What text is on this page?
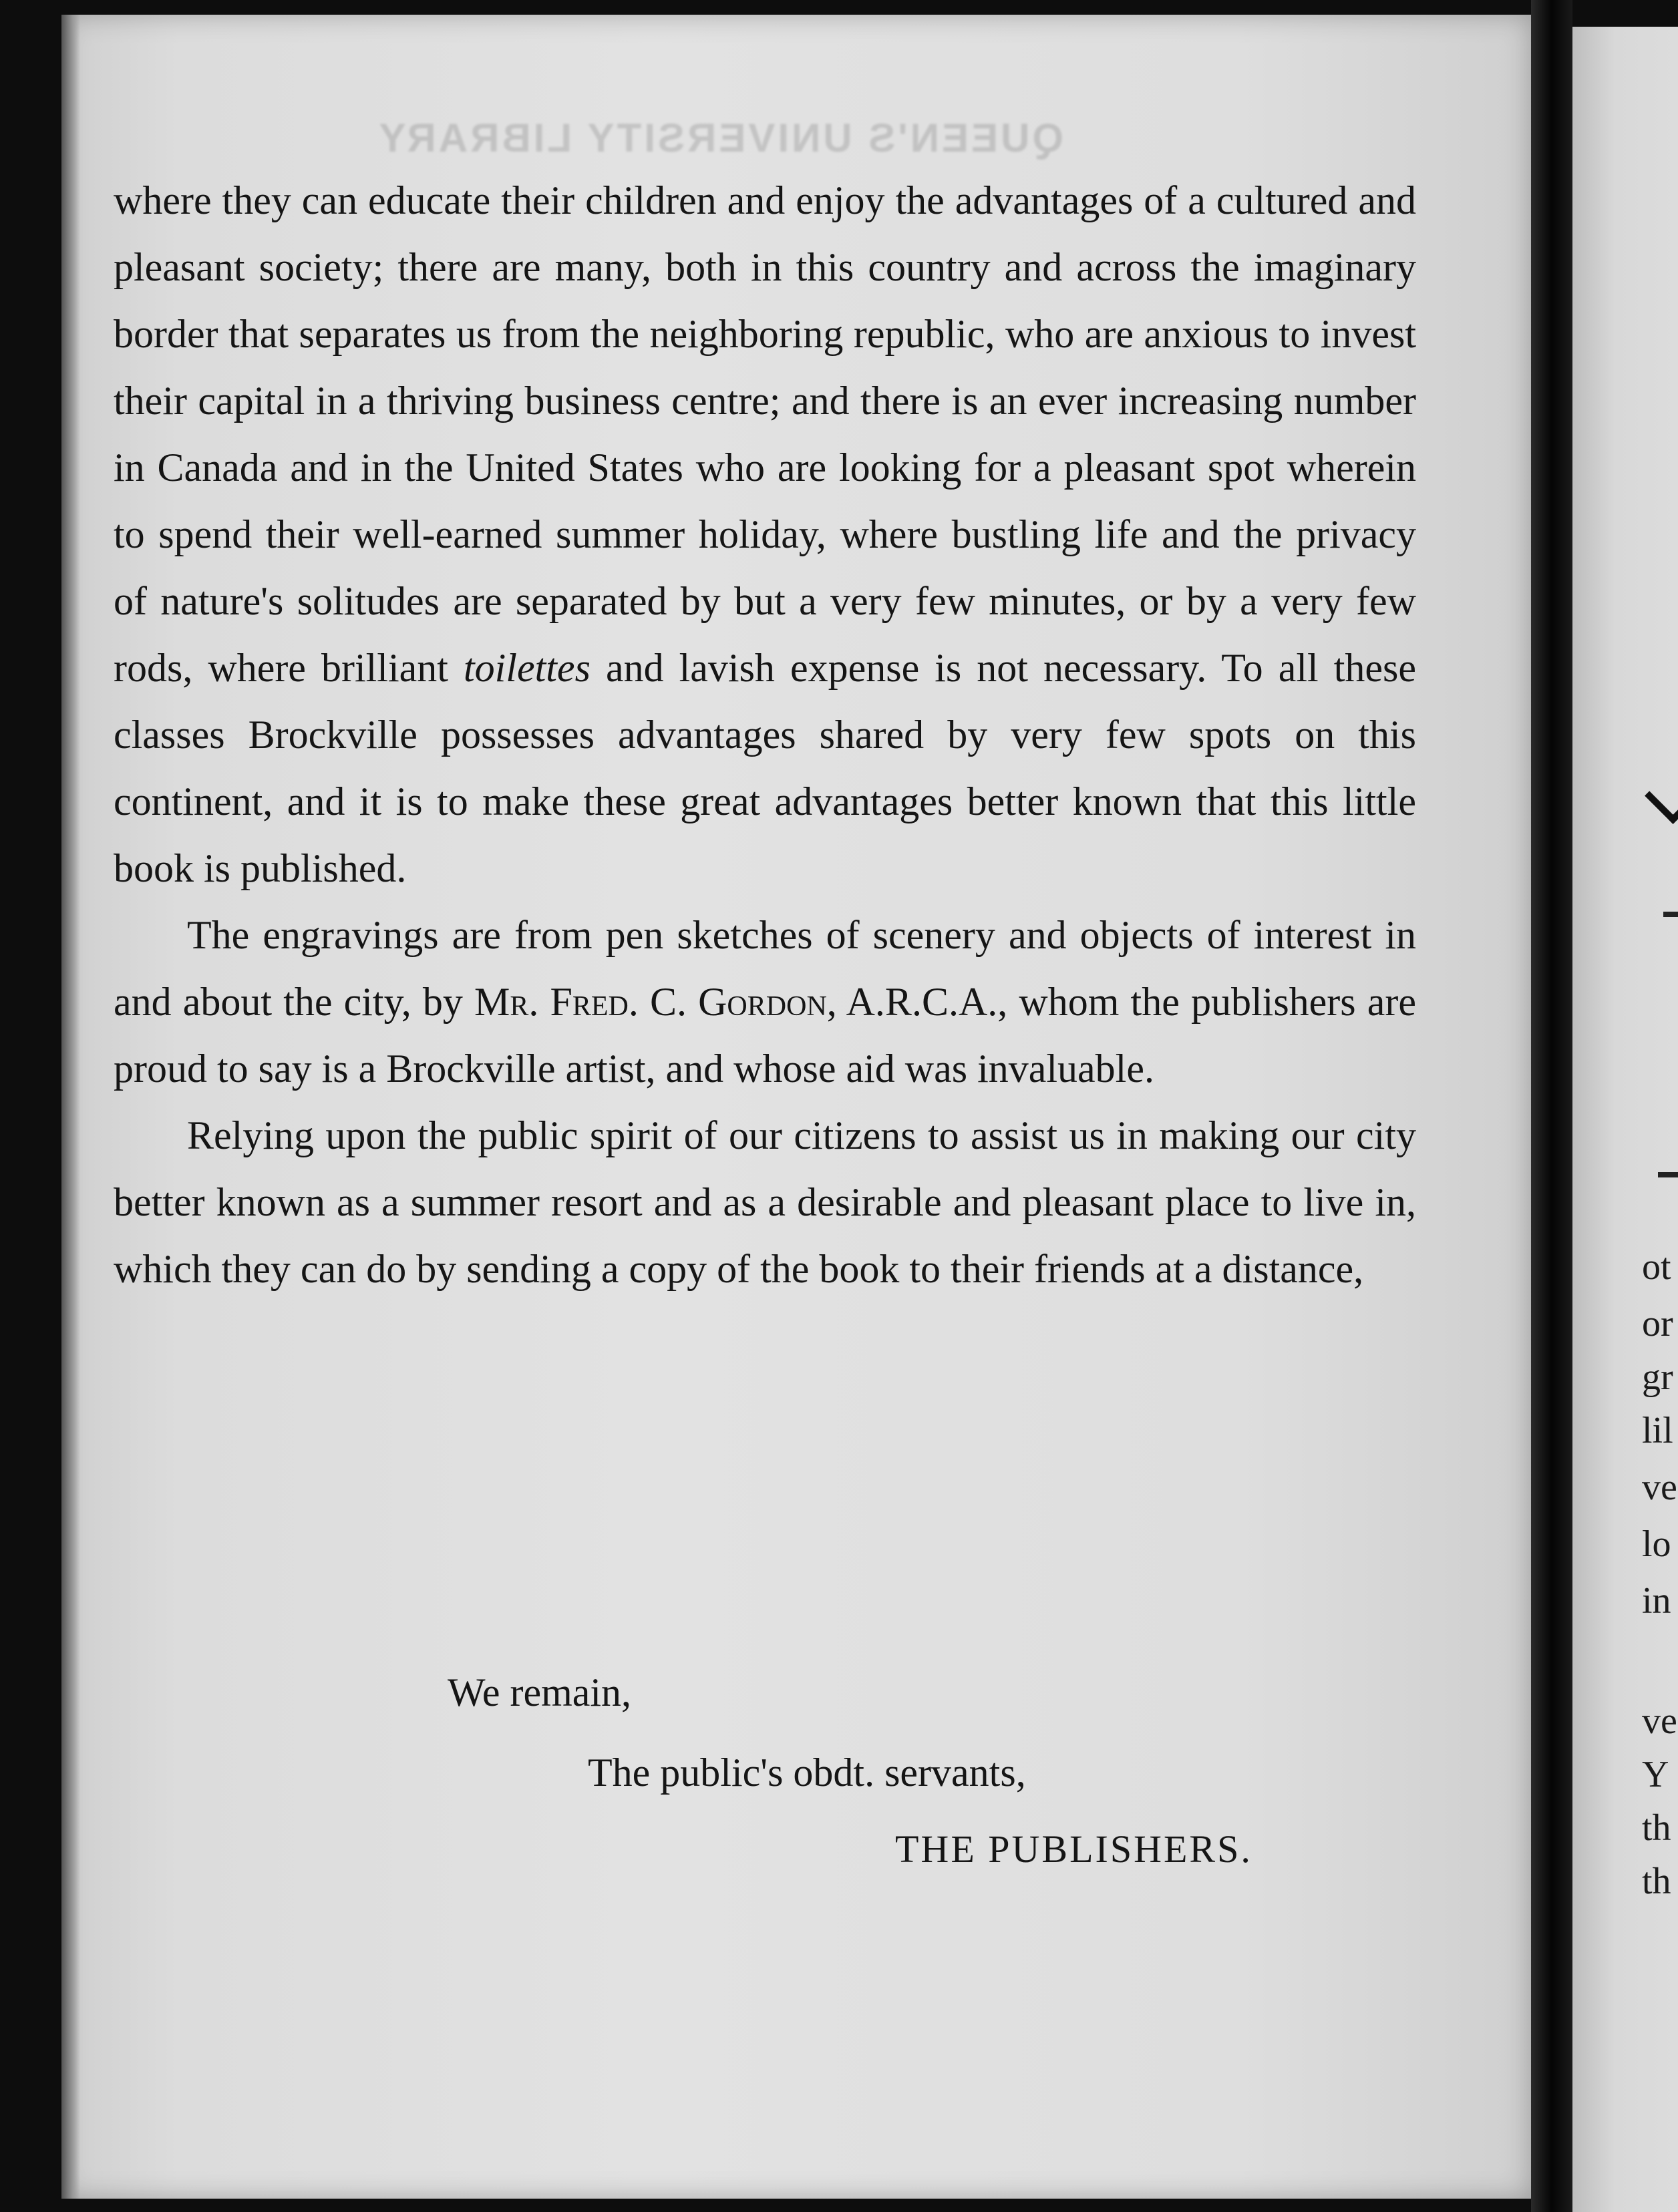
QUEEN'S UNIVERSITY LIBRARY

where they can educate their children and enjoy the advantages of a cultured and pleasant society; there are many, both in this country and across the imaginary border that separates us from the neighboring republic, who are anxious to invest their capital in a thriving business centre; and there is an ever increasing number in Canada and in the United States who are looking for a pleasant spot wherein to spend their well-earned summer holiday, where bustling life and the privacy of nature's solitudes are separated by but a very few minutes, or by a very few rods, where brilliant toilettes and lavish expense is not necessary. To all these classes Brockville possesses advantages shared by very few spots on this continent, and it is to make these great advantages better known that this little book is published.

The engravings are from pen sketches of scenery and objects of interest in and about the city, by Mr. Fred. C. Gordon, A.R.C.A., whom the publishers are proud to say is a Brockville artist, and whose aid was invaluable.

Relying upon the public spirit of our citizens to assist us in making our city better known as a summer resort and as a desirable and pleasant place to live in, which they can do by sending a copy of the book to their friends at a distance,

We remain,
The public's obdt. servants,
THE PUBLISHERS.
ot
or
gr
lil
ve
lo
in
ve
Y
th
th
